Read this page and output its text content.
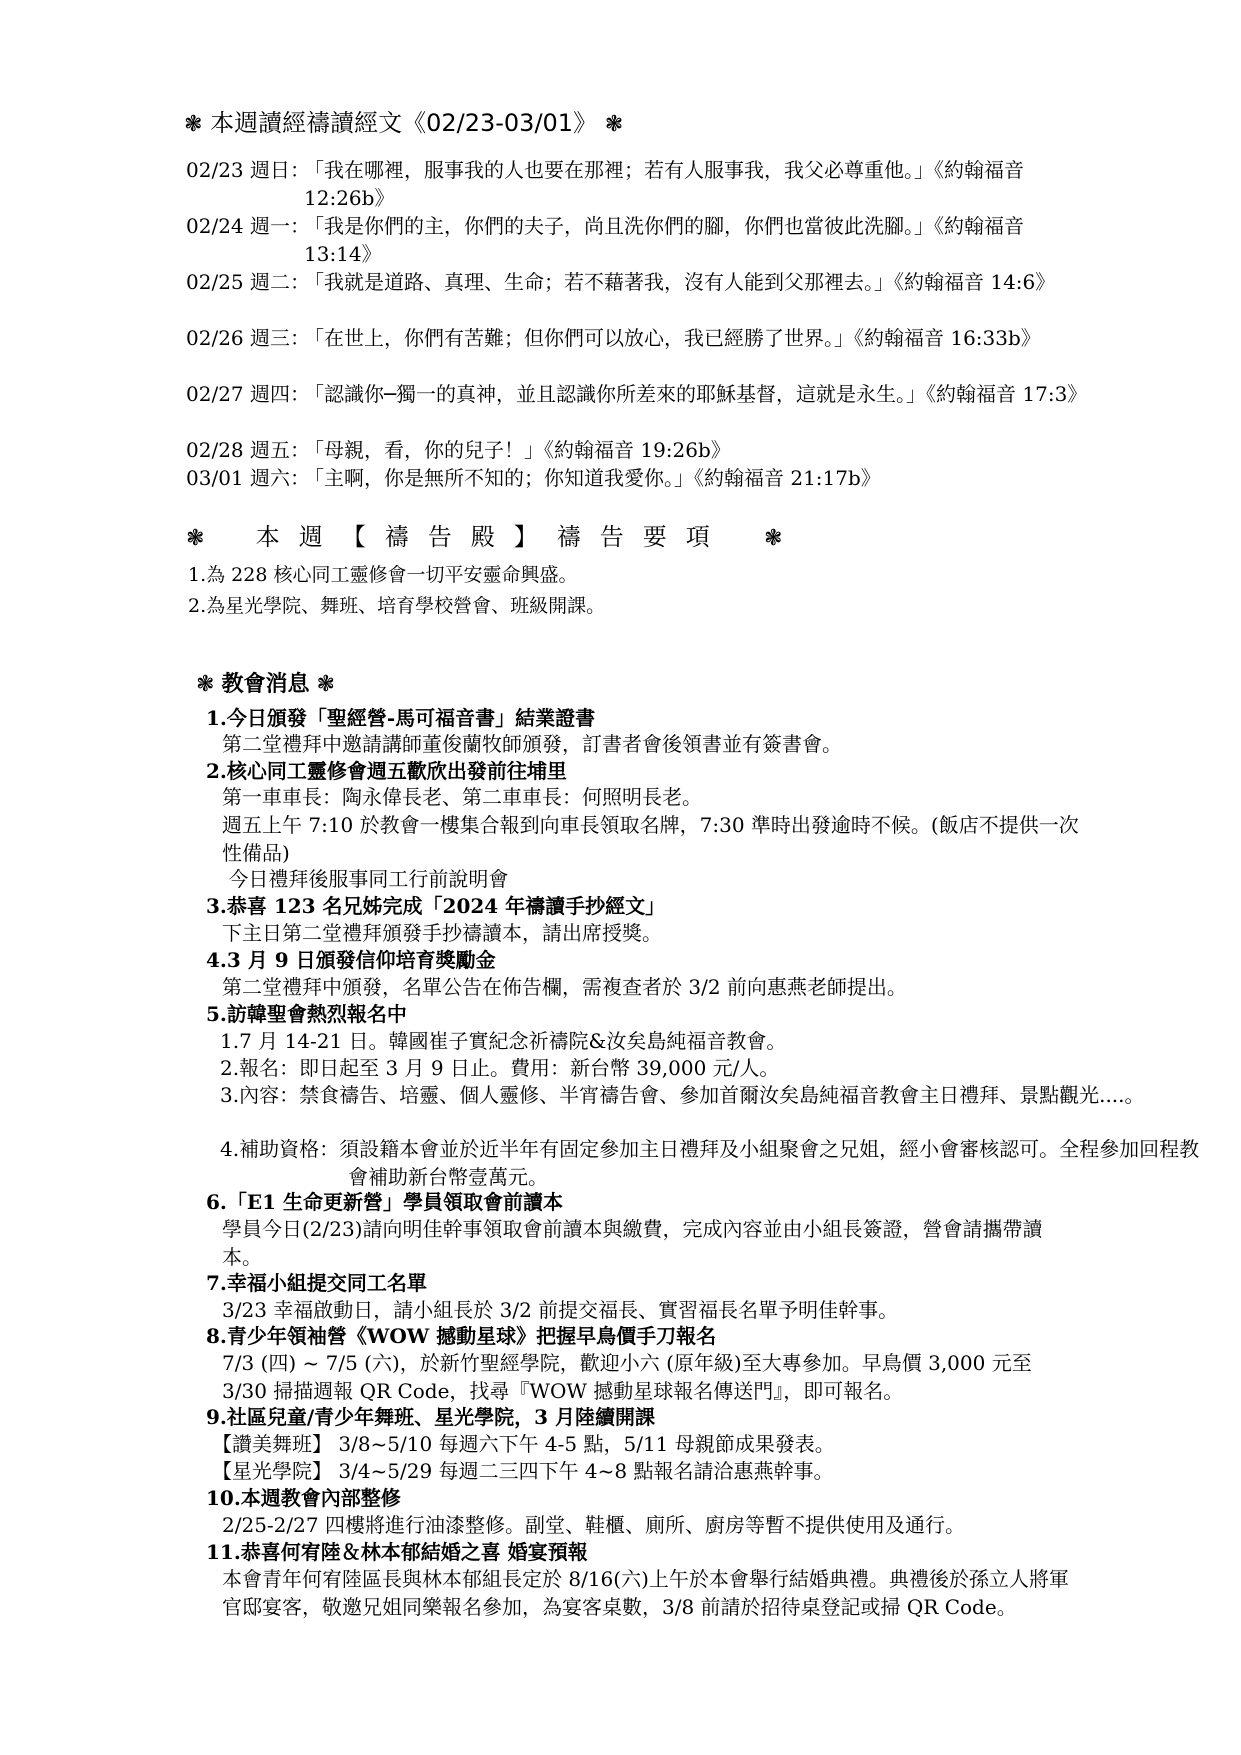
❃ 本週讀經禱讀經文《02/23-03/01》 ❃
02/23 週日：
「我在哪裡，服事我的人也要在那裡；若有人服事我，我父必尊重他。」《約翰福音 12:26b》
02/24 週一：
「我是你們的主，你們的夫子，尚且洗你們的腳，你們也當彼此洗腳。」《約翰福音 13:14》
02/25 週二：
「我就是道路、真理、生命；若不藉著我，沒有人能到父那裡去。」《約翰福音 14:6》
02/26 週三：
「在世上，你們有苦難；但你們可以放心，我已經勝了世界。」《約翰福音 16:33b》
02/27 週四：
「認識你─獨一的真神，並且認識你所差來的耶穌基督，這就是永生。」《約翰福音 17:3》
02/28 週五：
「母親，看，你的兒子！」《約翰福音 19:26b》
03/01 週六：
「主啊，你是無所不知的；你知道我愛你。」《約翰福音 21:17b》
❃ 本週【禱告殿】禱告要項 ❃
1.為 228 核心同工靈修會一切平安靈命興盛。
2.為星光學院、舞班、培育學校營會、班級開課。
❃ 教會消息 ❃
1.今日頒發「聖經營-馬可福音書」結業證書
第二堂禮拜中邀請講師董俊蘭牧師頒發，訂書者會後領書並有簽書會。
2.核心同工靈修會週五歡欣出發前往埔里
第一車車長：陶永偉長老、第二車車長：何照明長老。
週五上午 7:10 於教會一樓集合報到向車長領取名牌，7:30 準時出發逾時不候。(飯店不提供一次性備品)
今日禮拜後服事同工行前說明會
3.恭喜 123 名兄姊完成「2024 年禱讀手抄經文」
下主日第二堂禮拜頒發手抄禱讀本，請出席授獎。
4.3 月 9 日頒發信仰培育獎勵金
第二堂禮拜中頒發，名單公告在佈告欄，需複查者於 3/2 前向惠燕老師提出。
5.訪韓聖會熱烈報名中
1.7 月 14-21 日。韓國崔子實紀念祈禱院&汝矣島純福音教會。
2.報名：即日起至 3 月 9 日止。費用：新台幣 39,000 元/人。
3.內容：禁食禱告、培靈、個人靈修、半宵禱告會、參加首爾汝矣島純福音教會主日禮拜、景點觀光....。
4.補助資格：須設籍本會並於近半年有固定參加主日禮拜及小組聚會之兄姐，經小會審核認可。全程參加回程教會補助新台幣壹萬元。
6.「E1 生命更新營」學員領取會前讀本
學員今日(2/23)請向明佳幹事領取會前讀本與繳費，完成內容並由小組長簽證，營會請攜帶讀本。
7.幸福小組提交同工名單
3/23 幸福啟動日，請小組長於 3/2 前提交福長、實習福長名單予明佳幹事。
8.青少年領袖營《WOW 撼動星球》把握早鳥價手刀報名
7/3 (四) ~ 7/5 (六)，於新竹聖經學院，歡迎小六 (原年級)至大專參加。早鳥價 3,000 元至 3/30 掃描週報 QR Code，找尋『WOW 撼動星球報名傳送門』，即可報名。
9.社區兒童/青少年舞班、星光學院，3 月陸續開課
【讚美舞班】 3/8~5/10 每週六下午 4-5 點，5/11 母親節成果發表。
【星光學院】 3/4~5/29 每週二三四下午 4~8 點報名請洽惠燕幹事。
10.本週教會內部整修
2/25-2/27 四樓將進行油漆整修。副堂、鞋櫃、廁所、廚房等暫不提供使用及通行。
11.恭喜何宥陸＆林本郁結婚之喜 婚宴預報
本會青年何宥陸區長與林本郁組長定於 8/16(六)上午於本會舉行結婚典禮。典禮後於孫立人將軍官邸宴客，敬邀兄姐同樂報名參加，為宴客桌數，3/8 前請於招待桌登記或掃 QR Code。
